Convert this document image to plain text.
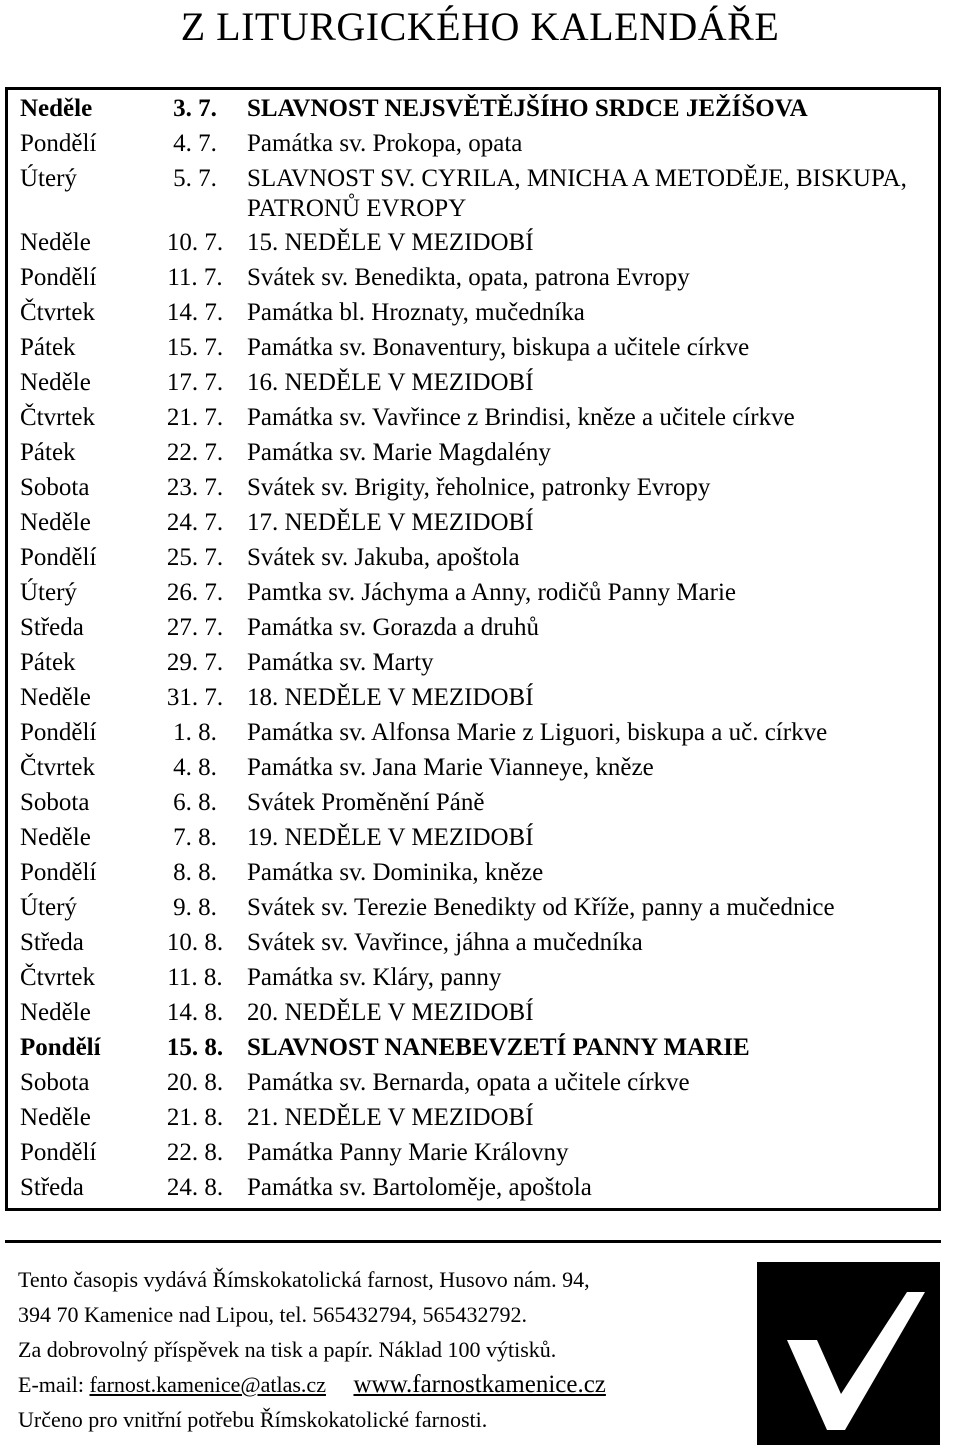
Z LITURGICKÉHO KALENDÁŘE
Neděle	3. 7.	SLAVNOST NEJSVĚTĚJŠÍHO SRDCE JEŽÍŠOVA
Pondělí	4. 7.	Památka sv. Prokopa, opata
Úterý	5. 7.	SLAVNOST SV. CYRILA, MNICHA A METODĚJE, BISKUPA, PATRONŮ EVROPY
Neděle	10. 7.	15. NEDĚLE V MEZIDOBÍ
Pondělí	11. 7.	Svátek sv. Benedikta, opata, patrona Evropy
Čtvrtek	14. 7.	Památka bl. Hroznaty, mučedníka
Pátek	15. 7.	Památka sv. Bonaventury, biskupa a učitele církve
Neděle	17. 7.	16. NEDĚLE V MEZIDOBÍ
Čtvrtek	21. 7.	Památka sv. Vavřince z Brindisi, kněze a učitele církve
Pátek	22. 7.	Památka sv. Marie Magdalény
Sobota	23. 7.	Svátek sv. Brigity, řeholnice, patronky Evropy
Neděle	24. 7.	17. NEDĚLE V MEZIDOBÍ
Pondělí	25. 7.	Svátek sv. Jakuba, apoštola
Úterý	26. 7.	Pamtka sv. Jáchyma a Anny, rodičů Panny Marie
Středa	27. 7.	Památka sv. Gorazda a druhů
Pátek	29. 7.	Památka sv. Marty
Neděle	31. 7.	18. NEDĚLE V MEZIDOBÍ
Pondělí	1. 8.	Památka sv. Alfonsa Marie z Liguori, biskupa a uč. církve
Čtvrtek	4. 8.	Památka sv. Jana Marie Vianneye, kněze
Sobota	6. 8.	Svátek Proměnění Páně
Neděle	7. 8.	19. NEDĚLE V MEZIDOBÍ
Pondělí	8. 8.	Památka sv. Dominika, kněze
Úterý	9. 8.	Svátek sv. Terezie Benedikty od Kříže, panny a mučednice
Středa	10. 8.	Svátek sv. Vavřince, jáhna a mučedníka
Čtvrtek	11. 8.	Památka sv. Kláry, panny
Neděle	14. 8.	20. NEDĚLE V MEZIDOBÍ
Pondělí	15. 8.	SLAVNOST NANEBEVZETÍ PANNY MARIE
Sobota	20. 8.	Památka sv. Bernarda, opata a učitele církve
Neděle	21. 8.	21. NEDĚLE V MEZIDOBÍ
Pondělí	22. 8.	Památka Panny Marie Královny
Středa	24. 8.	Památka sv. Bartoloměje, apoštola
Tento časopis vydává Římskokatolická farnost, Husovo nám. 94,
394 70 Kamenice nad Lipou, tel. 565432794, 565432792.
Za dobrovolný příspěvek na tisk a papír. Náklad 100 výtisků.
E-mail: farnost.kamenice@atlas.cz www.farnostkamenice.cz
Určeno pro vnitřní potřebu Římskokatolické farnosti.
